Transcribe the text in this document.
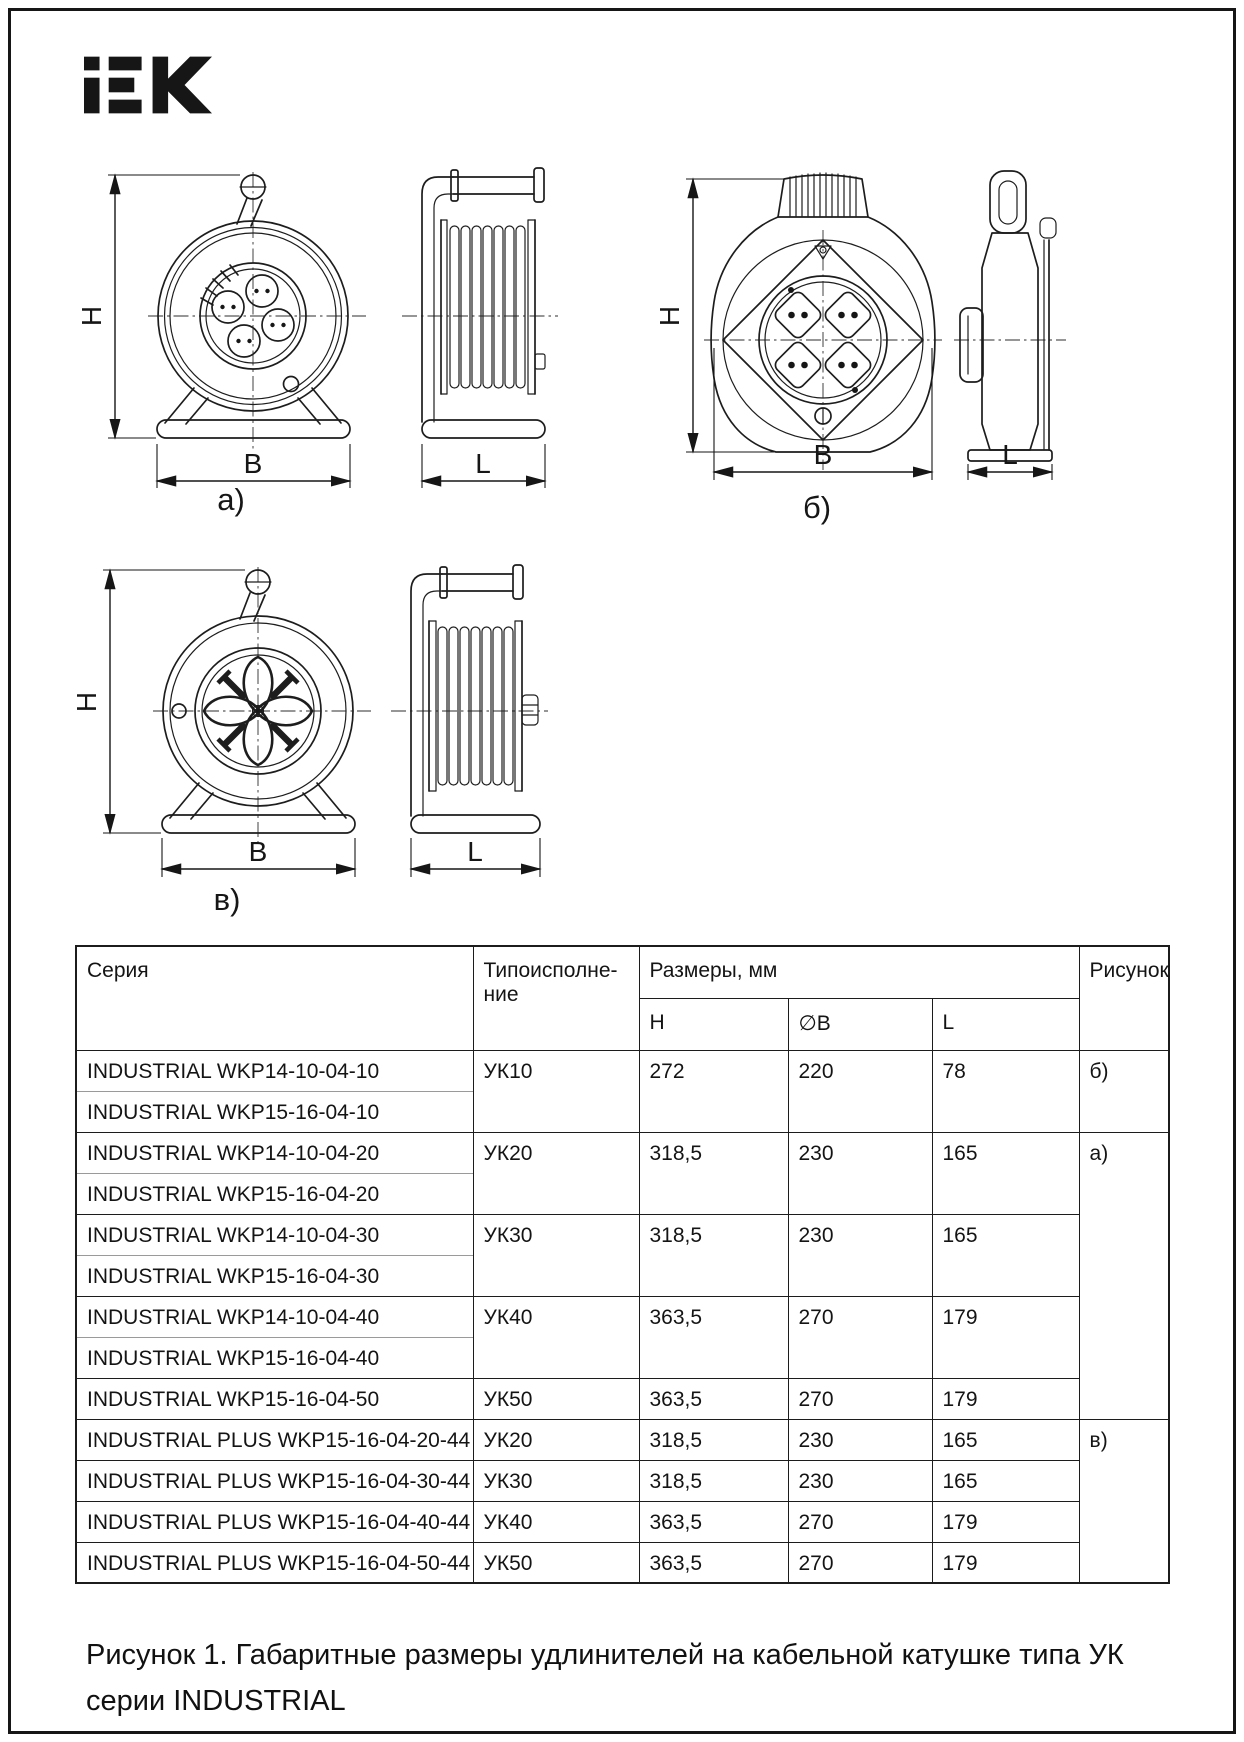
H
B	L
H
B	L
H
B	L
а)	б)
в)
Серия	Типоисполне-
ние	Размеры, мм			Рисунок
		H	∅B	L	
INDUSTRIAL WKP14-10-04-10	УК10	272	220	78	б)
INDUSTRIAL WKP15-16-04-10					
INDUSTRIAL WKP14-10-04-20	УК20	318,5	230	165	а)
INDUSTRIAL WKP15-16-04-20					
INDUSTRIAL WKP14-10-04-30	УК30	318,5	230	165	
INDUSTRIAL WKP15-16-04-30					
INDUSTRIAL WKP14-10-04-40	УК40	363,5	270	179	
INDUSTRIAL WKP15-16-04-40					
INDUSTRIAL WKP15-16-04-50	УК50	363,5	270	179	
INDUSTRIAL PLUS WKP15-16-04-20-44	УК20	318,5	230	165	в)
INDUSTRIAL PLUS WKP15-16-04-30-44	УК30	318,5	230	165	
INDUSTRIAL PLUS WKP15-16-04-40-44	УК40	363,5	270	179	
INDUSTRIAL PLUS WKP15-16-04-50-44	УК50	363,5	270	179	
Рисунок 1. Габаритные размеры удлинителей на кабельной катушке типа УК
серии INDUSTRIAL
